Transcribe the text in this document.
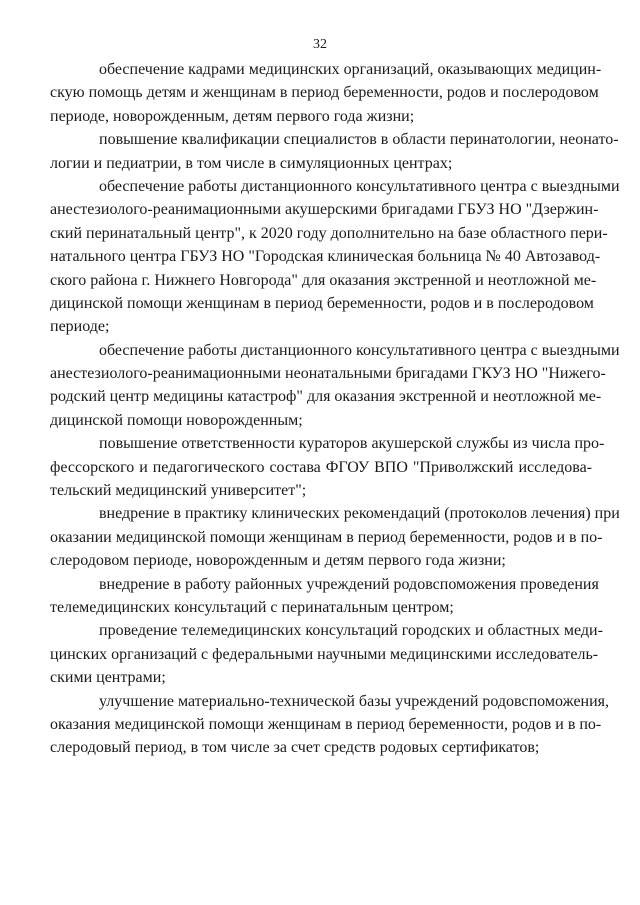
32

обеспечение кадрами медицинских организаций, оказывающих медицин-
скую помощь детям и женщинам в период беременности, родов и послеродовом
периоде, новорожденным, детям первого года жизни;

повышение квалификации специалистов в области перинатологии, неонато-
логии и педиатрии, в том числе в симуляционных центрах;

обеспечение работы дистанционного консультативного центра с выездными
анестезиолого-реанимационными акушерскими бригадами ГБУЗ НО "Дзержин-
ский перинатальный центр", к 2020 году дополнительно на базе областного пери-
натального центра ГБУЗ НО "Городская клиническая больница № 40 Автозавод-
ского района г. Нижнего Новгорода" для оказания экстренной и неотложной ме-
дицинской помощи женщинам в период беременности, родов и в послеродовом
периоде;

обеспечение работы дистанционного консультативного центра с выездными
анестезиолого-реанимационными неонатальными бригадами ГКУЗ НО "Нижего-
родский центр медицины катастроф" для оказания экстренной и неотложной ме-
дицинской помощи новорожденным;

повышение ответственности кураторов акушерской службы из числа про-
фессорского и педагогического состава ФГОУ ВПО "Приволжский исследова-
тельский медицинский университет";

внедрение в практику клинических рекомендаций (протоколов лечения) при
оказании медицинской помощи женщинам в период беременности, родов и в по-
слеродовом периоде, новорожденным и детям первого года жизни;

внедрение в работу районных учреждений родовспоможения проведения
телемедицинских консультаций с перинатальным центром;

проведение телемедицинских консультаций городских и областных меди-
цинских организаций с федеральными научными медицинскими исследователь-
скими центрами;

улучшение материально-технической базы учреждений родовспоможения,
оказания медицинской помощи женщинам в период беременности, родов и в по-
слеродовый период, в том числе за счет средств родовых сертификатов;
